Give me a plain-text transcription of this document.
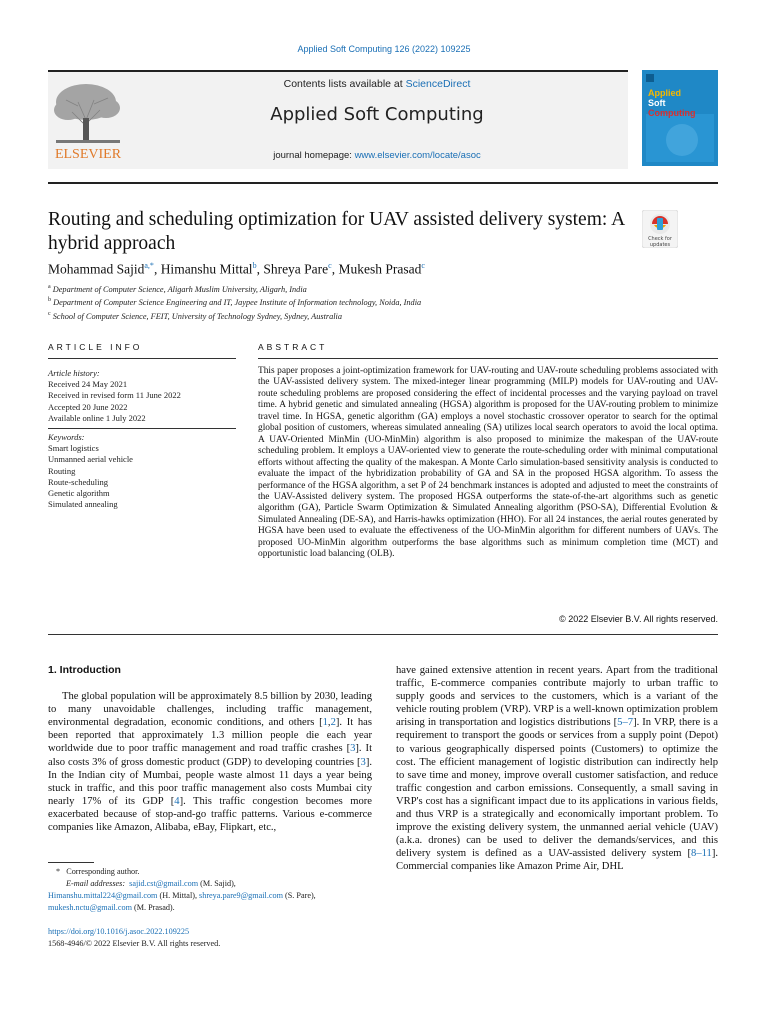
Applied Soft Computing 126 (2022) 109225
ELSEVIER
Contents lists available at ScienceDirect
Applied Soft Computing
journal homepage: www.elsevier.com/locate/asoc
Applied
Soft
Computing
Routing and scheduling optimization for UAV assisted delivery system: A hybrid approach	Check for
updates
Mohammad Sajid$^{a,*}$, Himanshu Mittal$^b$, Shreya Pare$^c$, Mukesh Prasad$^c$
$^a$ Department of Computer Science, Aligarh Muslim University, Aligarh, India
$^b$ Department of Computer Science Engineering and IT, Jaypee Institute of Information technology, Noida, India
$^c$ School of Computer Science, FEIT, University of Technology Sydney, Sydney, Australia
ARTICLE INFO	ABSTRACT
Article history:
Received 24 May 2021
Received in revised form 11 June 2022
Accepted 20 June 2022
Available online 1 July 2022
Keywords:
Smart logistics
Unmanned aerial vehicle
Routing
Route-scheduling
Genetic algorithm
Simulated annealing
This paper proposes a joint-optimization framework for UAV-routing and UAV-route scheduling problems associated with the UAV-assisted delivery system. The mixed-integer linear programming (MILP) models for UAV-routing and UAV-route scheduling problems are proposed considering the effect of incidental processes and the varying payload on travel time. A hybrid genetic and simulated annealing (HGSA) algorithm is proposed for the UAV-routing problem to minimize travel time. In HGSA, genetic algorithm (GA) employs a novel stochastic crossover operator to search for the optimal global position of customers, whereas simulated annealing (SA) utilizes local search operators to avoid the local optima. A UAV-Oriented MinMin (UO-MinMin) algorithm is also proposed to minimize the makespan of the UAV-route scheduling problem. It employs a UAV-oriented view to generate the route-scheduling order with minimal computational efforts without affecting the quality of the makespan. A Monte Carlo simulation-based sensitivity analysis is conducted to evaluate the impact of the hybridization probability of GA and SA in the proposed HGSA algorithm. To assess the performance of the HGSA algorithm, a set P of 24 benchmark instances is adopted and adjusted to meet the constraints of the UAV-Assisted delivery system. The proposed HGSA outperforms the state-of-the-art algorithms such as genetic algorithm (GA), Particle Swarm Optimization & Simulated Annealing algorithm (PSO-SA), Differential Evolution & Simulated Annealing (DE-SA), and Harris-hawks optimization (HHO). For all 24 instances, the aerial routes generated by HGSA have been used to evaluate the effectiveness of the UO-MinMin algorithm for different numbers of UAVs. The proposed UO-MinMin algorithm outperforms the base algorithms such as minimum completion time (MCT) and opportunistic load balancing (OLB).
© 2022 Elsevier B.V. All rights reserved.
1. Introduction

The global population will be approximately 8.5 billion by 2030, leading to many unavoidable challenges, including traffic management, environmental degradation, economic conditions, and others [1,2]. It has been reported that approximately 1.3 million people die each year worldwide due to poor traffic management and road traffic crashes [3]. It also costs 3% of gross domestic product (GDP) to developing countries [3]. In the Indian city of Mumbai, people waste almost 11 days a year being stuck in traffic, and this poor traffic management also costs Mumbai city nearly 17% of its GDP [4]. This traffic congestion becomes more exacerbated because of stop-and-go traffic patterns. Various e-commerce companies like Amazon, Alibaba, eBay, Flipkart, etc.,

have gained extensive attention in recent years. Apart from the traditional traffic, E-commerce companies contribute majorly to urban traffic to supply goods and services to the customers, which is a variant of the vehicle routing problem (VRP). VRP is a well-known optimization problem arising in transportation and logistics distributions [5–7]. In VRP, there is a requirement to transport the goods or services from a supply point (Depot) to various geographically dispersed points (Customers) to optimize the cost. The efficient management of logistic distribution can indirectly help to save time and money, improve overall customer satisfaction, and reduce traffic congestion and carbon emissions. Consequently, a small saving in VRP's cost has a significant impact due to its applications in various fields, and thus VRP is a strategically and economically important problem. To improve the existing delivery system, the unmanned aerial vehicle (UAV) (a.k.a. drones) can be used to deliver the demands/services, and this delivery system is defined as a UAV-assisted delivery system [8–11]. Commercial companies like Amazon Prime Air, DHL

* Corresponding author.
E-mail addresses: sajid.cst@gmail.com (M. Sajid),
Himanshu.mittal224@gmail.com (H. Mittal), shreya.pare9@gmail.com (S. Pare),
mukesh.nctu@gmail.com (M. Prasad).
https://doi.org/10.1016/j.asoc.2022.109225
1568-4946/© 2022 Elsevier B.V. All rights reserved.
